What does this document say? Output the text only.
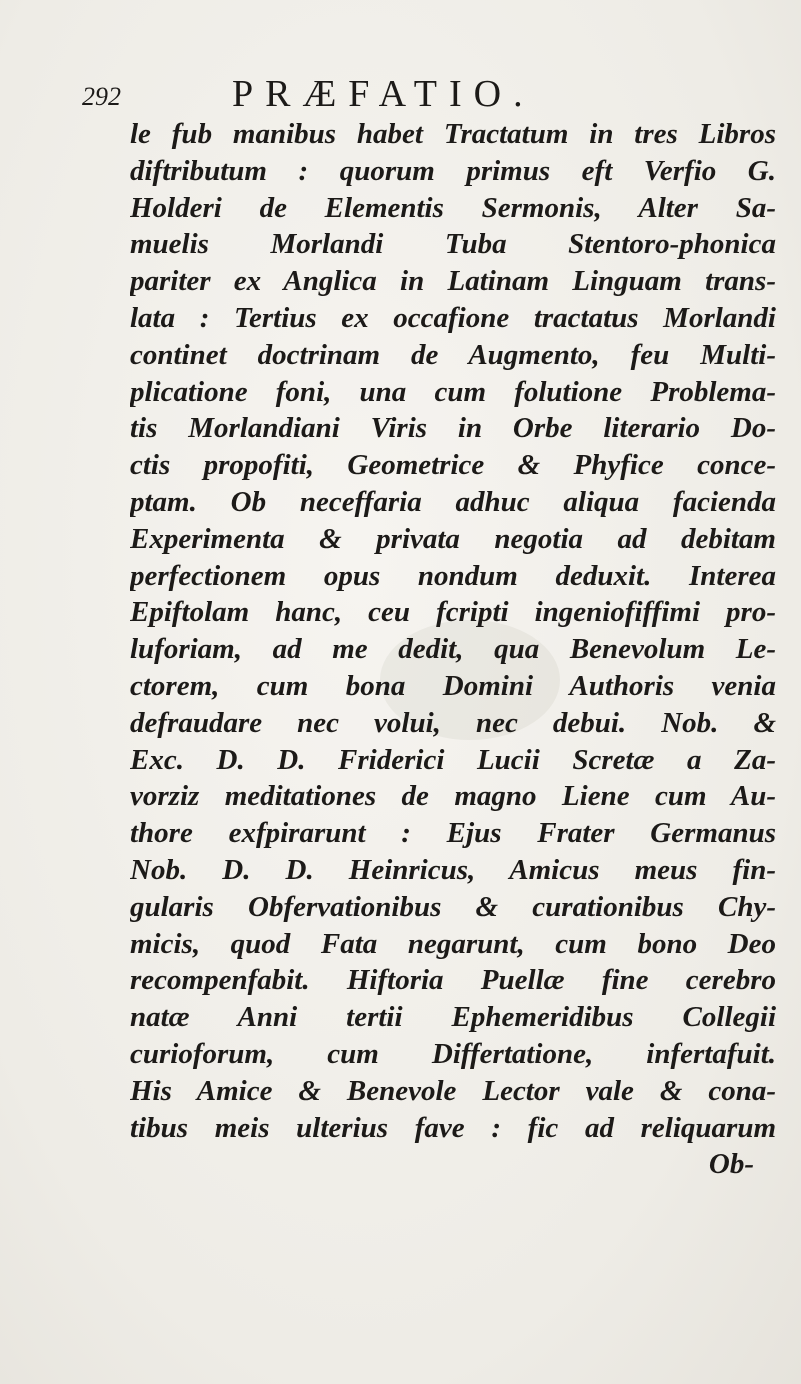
292	PRÆFATIO.
le fub manibus habet Tractatum in tres Libros
diftributum : quorum primus eft Verfio G.
Holderi de Elementis Sermonis, Alter Sa-
muelis Morlandi Tuba Stentoro-phonica
pariter ex Anglica in Latinam Linguam trans-
lata : Tertius ex occafione tractatus Morlandi
continet doctrinam de Augmento, feu Multi-
plicatione foni, una cum folutione Problema-
tis Morlandiani Viris in Orbe literario Do-
ctis propofiti, Geometrice & Phyfice conce-
ptam. Ob neceffaria adhuc aliqua facienda
Experimenta & privata negotia ad debitam
perfectionem opus nondum deduxit. Interea
Epiftolam hanc, ceu fcripti ingeniofiffimi pro-
luforiam, ad me dedit, qua Benevolum Le-
ctorem, cum bona Domini Authoris venia
defraudare nec volui, nec debui. Nob. &
Exc. D. D. Friderici Lucii Scretæ a Za-
vorziz meditationes de magno Liene cum Au-
thore exfpirarunt : Ejus Frater Germanus
Nob. D. D. Heinricus, Amicus meus fin-
gularis Obfervationibus & curationibus Chy-
micis, quod Fata negarunt, cum bono Deo
recompenfabit. Hiftoria Puellæ fine cerebro
natæ Anni tertii Ephemeridibus Collegii
curioforum, cum Differtatione, infertafuit.
His Amice & Benevole Lector vale & cona-
tibus meis ulterius fave : fic ad reliquarum
Ob-
